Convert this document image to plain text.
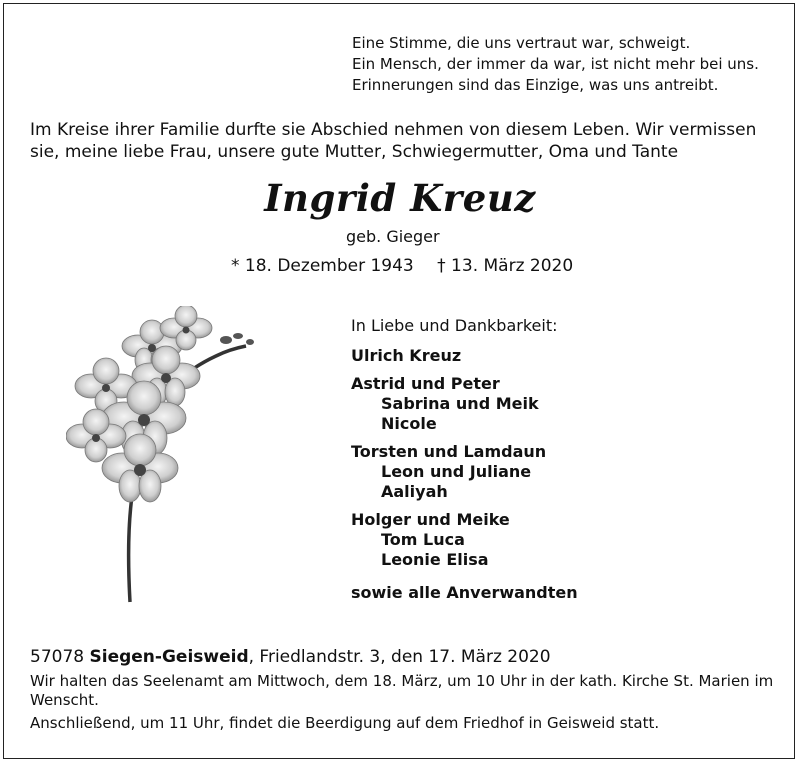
Eine Stimme, die uns vertraut war, schweigt.
Ein Mensch, der immer da war, ist nicht mehr bei uns.
Erinnerungen sind das Einzige, was uns antreibt.
Im Kreise ihrer Familie durfte sie Abschied nehmen von diesem Leben. Wir vermissen sie, meine liebe Frau, unsere gute Mutter, Schwiegermutter, Oma und Tante
Ingrid Kreuz
geb. Gieger
* 18. Dezember 1943 † 13. März 2020
In Liebe und Dankbarkeit:
Ulrich Kreuz
Astrid und Peter
Sabrina und Meik
Nicole
Torsten und Lamdaun
Leon und Juliane
Aaliyah
Holger und Meike
Tom Luca
Leonie Elisa
sowie alle Anverwandten
57078 Siegen-Geisweid, Friedlandstr. 3, den 17. März 2020
Wir halten das Seelenamt am Mittwoch, dem 18. März, um 10 Uhr in der kath. Kirche St. Marien im Wenscht.
Anschließend, um 11 Uhr, findet die Beerdigung auf dem Friedhof in Geisweid statt.
